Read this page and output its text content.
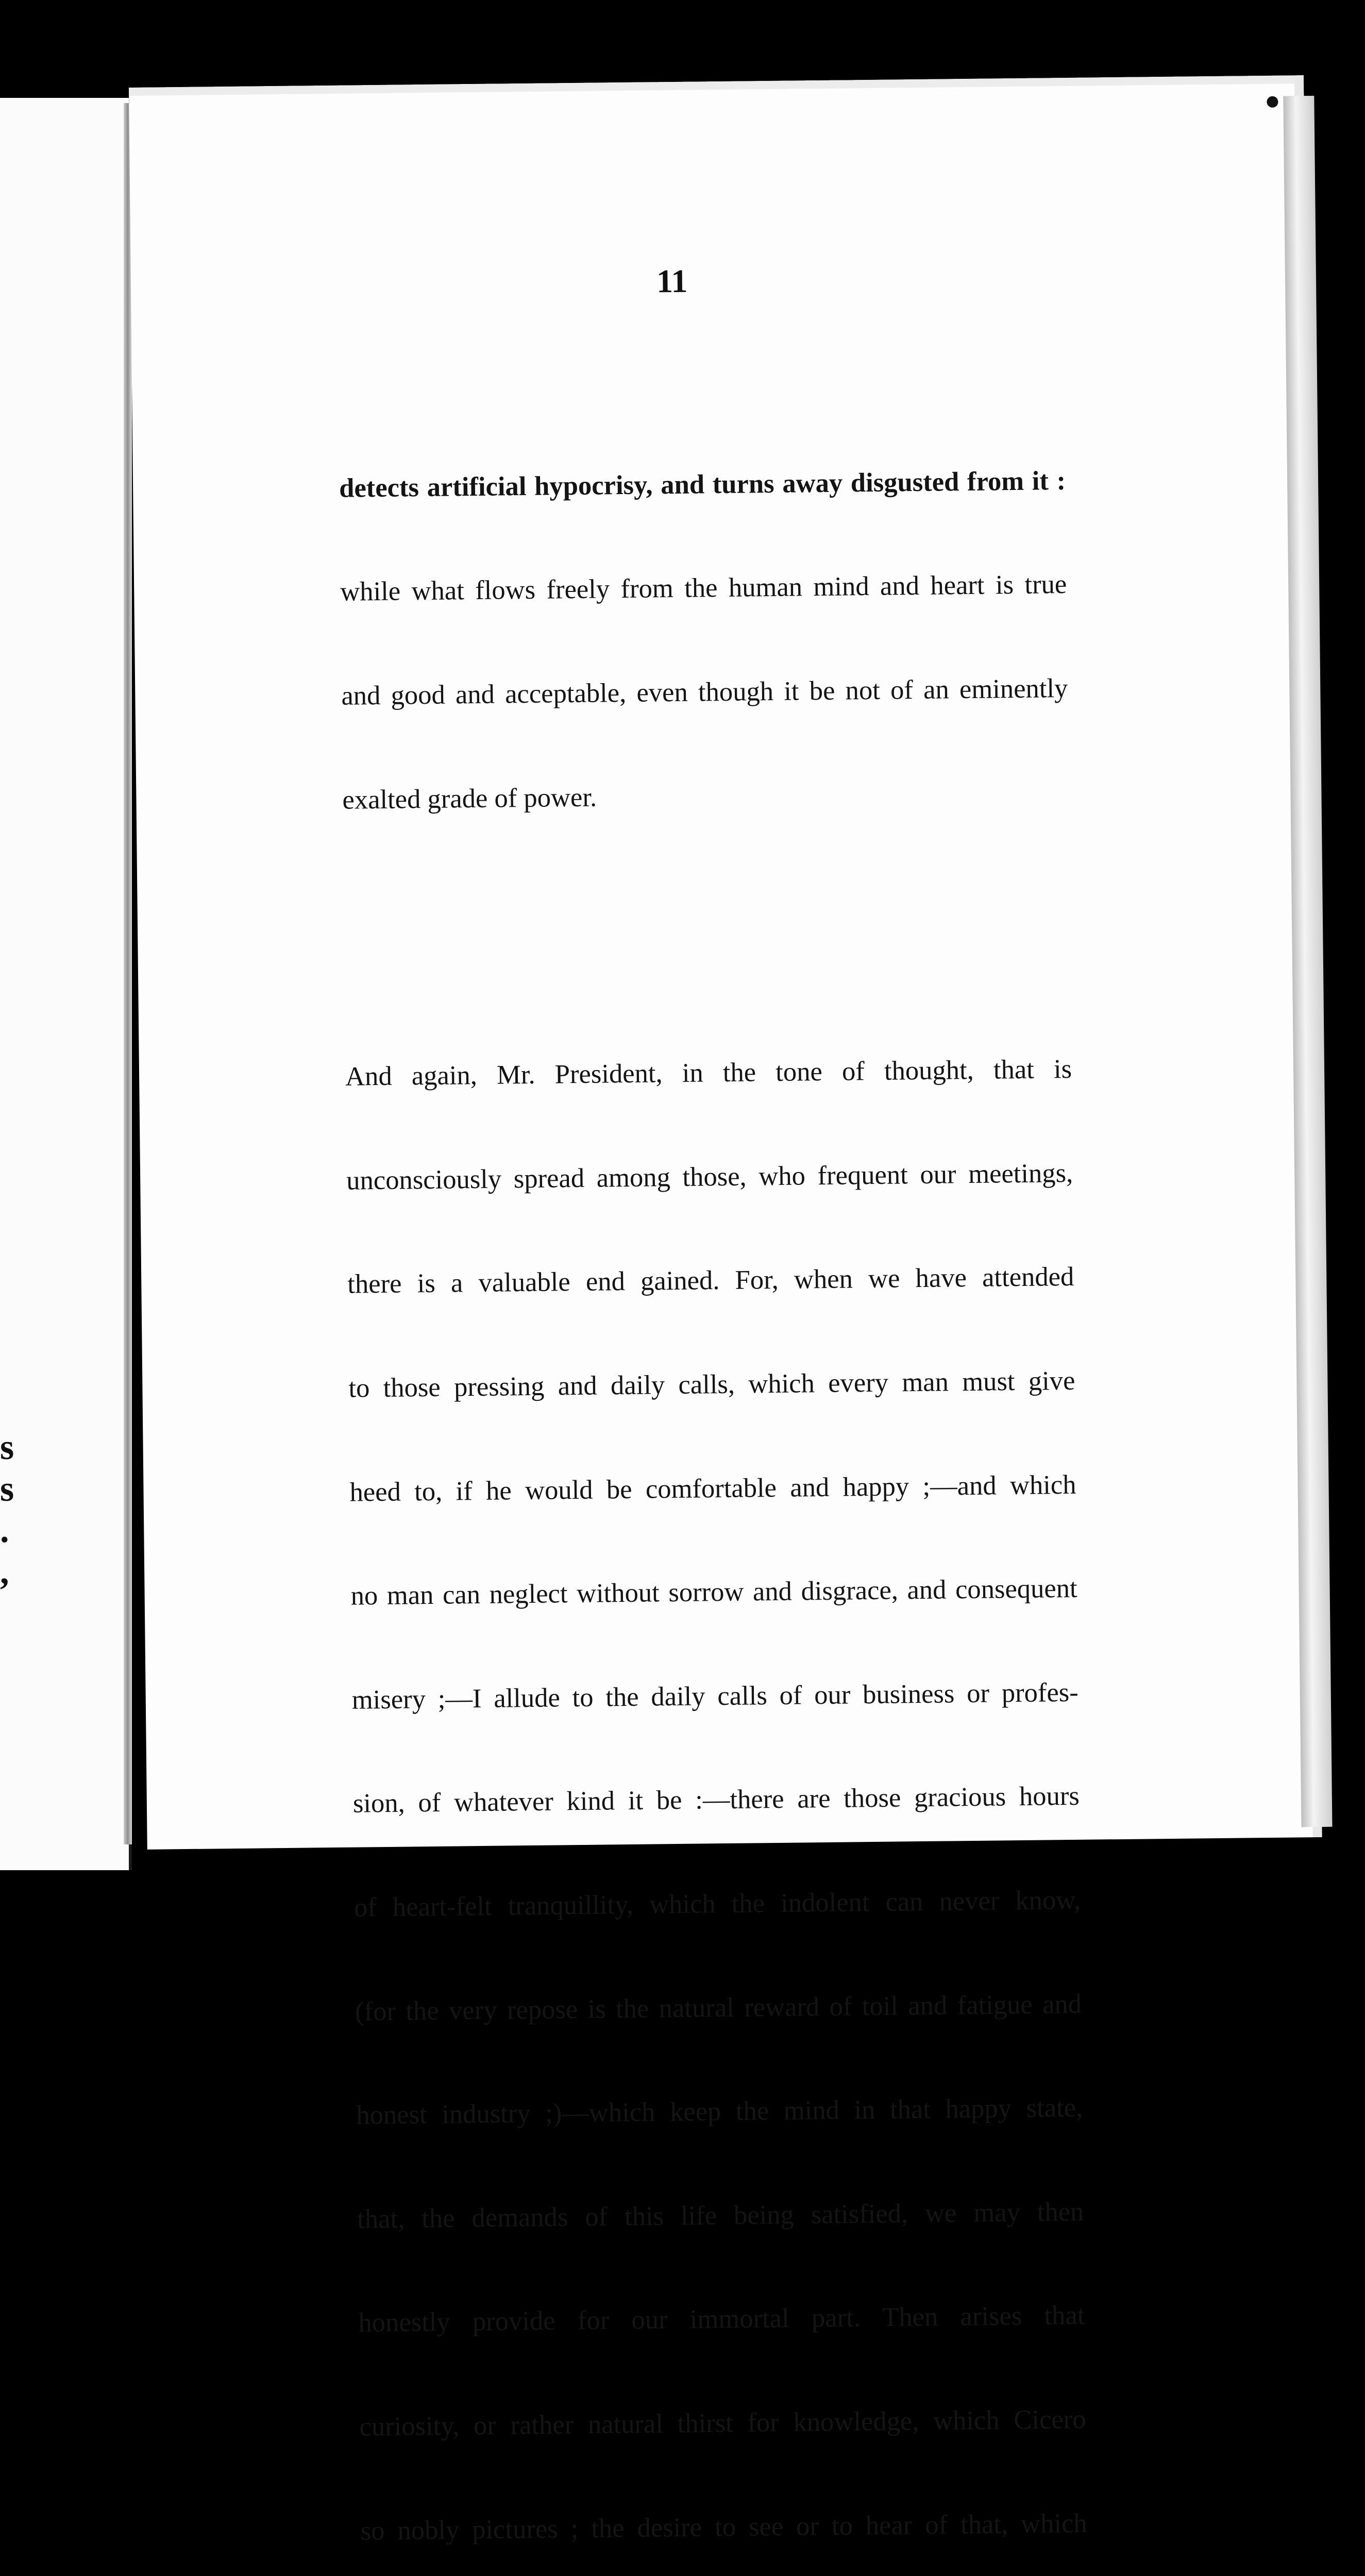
s
s
.
,
11

detects artificial hypocrisy, and turns away disgusted from it :

while what flows freely from the human mind and heart is true

and good and acceptable, even though it be not of an eminently

exalted grade of power.

And again, Mr. President, in the tone of thought, that is

unconsciously spread among those, who frequent our meetings,

there is a valuable end gained. For, when we have attended

to those pressing and daily calls, which every man must give

heed to, if he would be comfortable and happy ;—and which

no man can neglect without sorrow and disgrace, and consequent

misery ;—I allude to the daily calls of our business or profes-

sion, of whatever kind it be :—there are those gracious hours

of heart-felt tranquillity, which the indolent can never know,

(for the very repose is the natural reward of toil and fatigue and

honest industry ;)—which keep the mind in that happy state,

that, the demands of this life being satisfied, we may then

honestly provide for our immortal part. Then arises that

curiosity, or rather natural thirst for knowledge, which Cicero

so nobly pictures ; the desire to see or to hear of that, which
